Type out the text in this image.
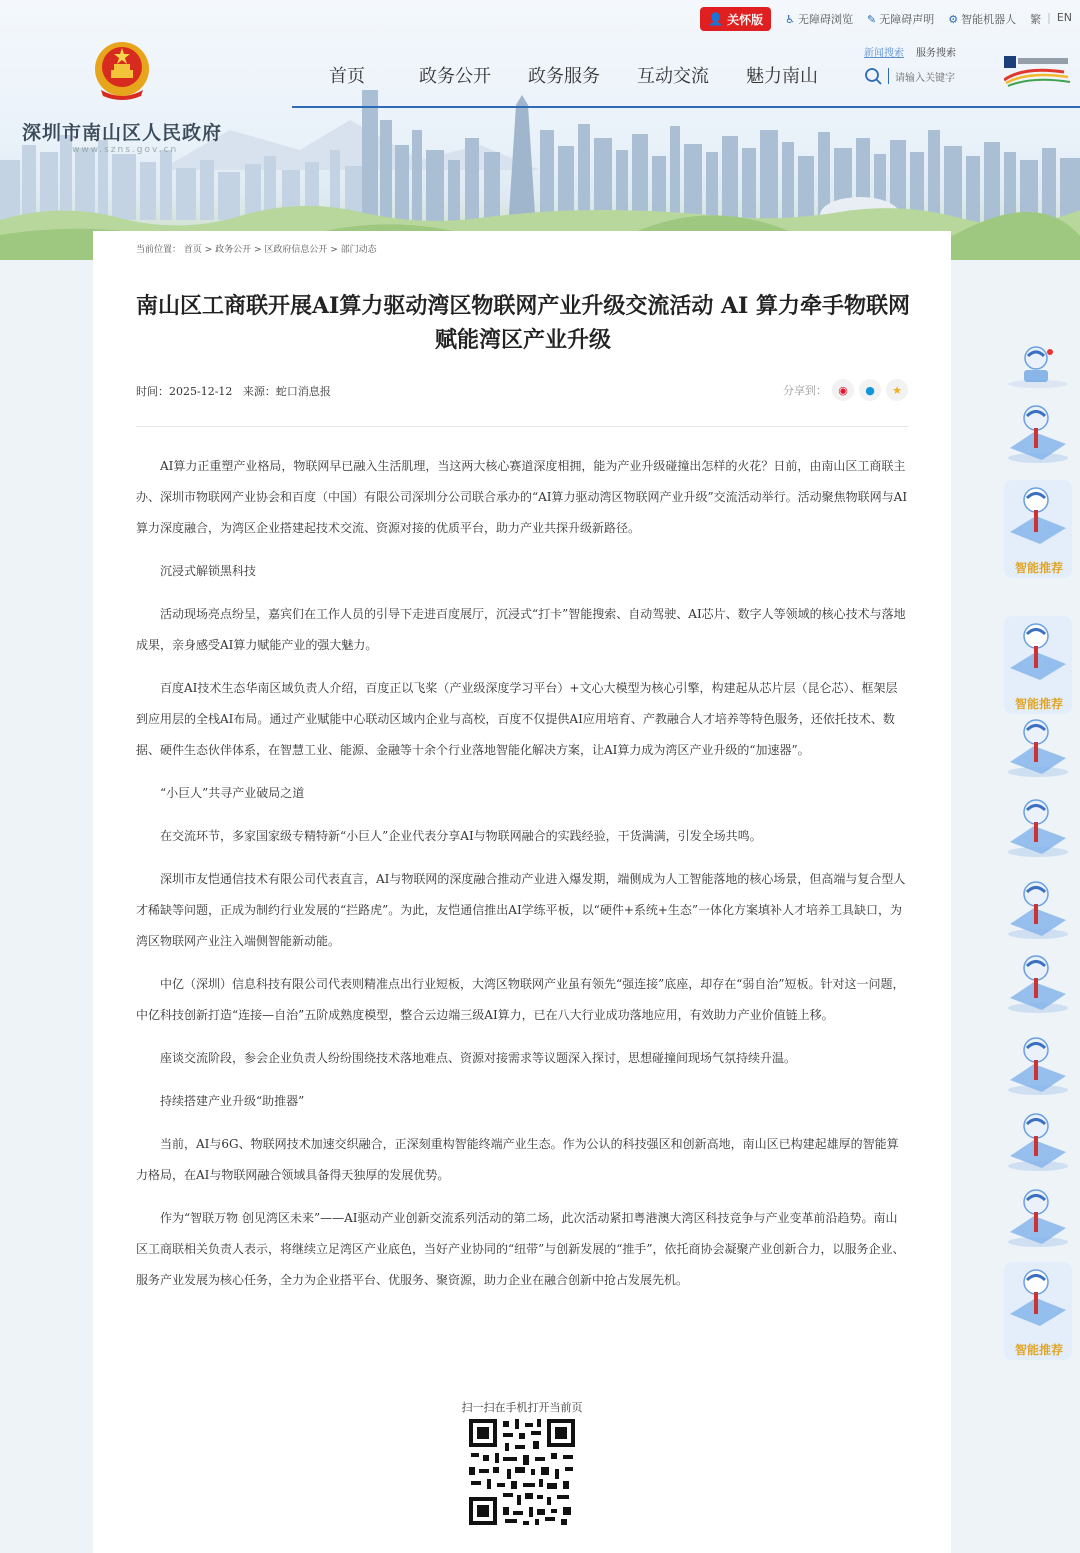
👤 关怀版 ♿ 无障碍浏览 ✎ 无障碍声明 ⚙ 智能机器人 繁 | EN
深圳市南山区人民政府
www.szns.gov.cn
首页	政务公开 政务服务 互动交流 魅力南山
新闻搜索 服务搜索
请输入关键字
当前位置： 首页 > 政务公开 > 区政府信息公开 > 部门动态
南山区工商联开展AI算力驱动湾区物联网产业升级交流活动 AI 算力牵手物联网 赋能湾区产业升级
时间：2025-12-12 来源：蛇口消息报	分享到：	◉	●	★

AI算力正重塑产业格局，物联网早已融入生活肌理，当这两大核心赛道深度相拥，能为产业升级碰撞出怎样的火花？日前，由南山区工商联主办、深圳市物联网产业协会和百度（中国）有限公司深圳分公司联合承办的“AI算力驱动湾区物联网产业升级”交流活动举行。活动聚焦物联网与AI算力深度融合，为湾区企业搭建起技术交流、资源对接的优质平台，助力产业共探升级新路径。

沉浸式解锁黑科技

活动现场亮点纷呈，嘉宾们在工作人员的引导下走进百度展厅，沉浸式“打卡”智能搜索、自动驾驶、AI芯片、数字人等领域的核心技术与落地成果，亲身感受AI算力赋能产业的强大魅力。

百度AI技术生态华南区域负责人介绍，百度正以飞桨（产业级深度学习平台）+文心大模型为核心引擎，构建起从芯片层（昆仑芯）、框架层到应用层的全栈AI布局。通过产业赋能中心联动区域内企业与高校，百度不仅提供AI应用培育、产教融合人才培养等特色服务，还依托技术、数据、硬件生态伙伴体系，在智慧工业、能源、金融等十余个行业落地智能化解决方案，让AI算力成为湾区产业升级的“加速器”。

“小巨人”共寻产业破局之道

在交流环节，多家国家级专精特新“小巨人”企业代表分享AI与物联网融合的实践经验，干货满满，引发全场共鸣。

深圳市友恺通信技术有限公司代表直言，AI与物联网的深度融合推动产业进入爆发期，端侧成为人工智能落地的核心场景，但高端与复合型人才稀缺等问题，正成为制约行业发展的“拦路虎”。为此，友恺通信推出AI学练平板，以“硬件+系统+生态”一体化方案填补人才培养工具缺口，为湾区物联网产业注入端侧智能新动能。

中亿（深圳）信息科技有限公司代表则精准点出行业短板，大湾区物联网产业虽有领先“强连接”底座，却存在“弱自治”短板。针对这一问题，中亿科技创新打造“连接—自治”五阶成熟度模型，整合云边端三级AI算力，已在八大行业成功落地应用，有效助力产业价值链上移。

座谈交流阶段，参会企业负责人纷纷围绕技术落地难点、资源对接需求等议题深入探讨，思想碰撞间现场气氛持续升温。

持续搭建产业升级“助推器”

当前，AI与6G、物联网技术加速交织融合，正深刻重构智能终端产业生态。作为公认的科技强区和创新高地，南山区已构建起雄厚的智能算力格局，在AI与物联网融合领域具备得天独厚的发展优势。

作为“智联万物 创见湾区未来”——AI驱动产业创新交流系列活动的第二场，此次活动紧扣粤港澳大湾区科技竞争与产业变革前沿趋势。南山区工商联相关负责人表示，将继续立足湾区产业底色，当好产业协同的“纽带”与创新发展的“推手”，依托商协会凝聚产业创新合力，以服务企业、服务产业发展为核心任务，全力为企业搭平台、优服务、聚资源，助力企业在融合创新中抢占发展先机。

扫一扫在手机打开当前页
智能推荐
智能推荐
智能推荐
